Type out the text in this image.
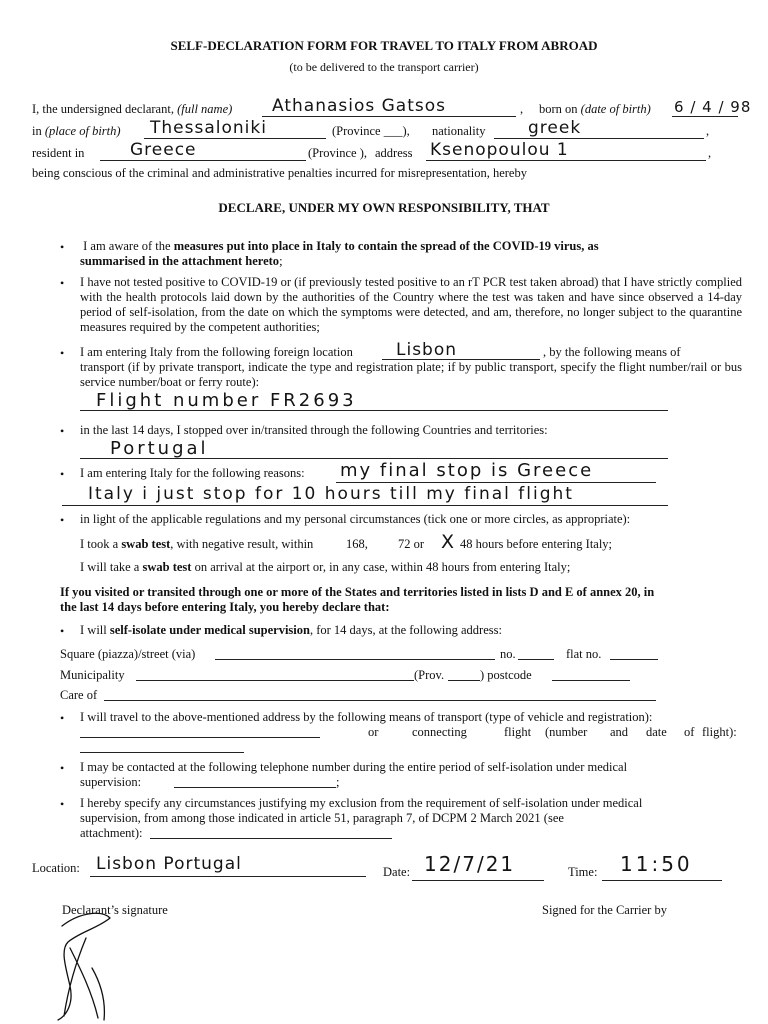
SELF-DECLARATION FORM FOR TRAVEL TO ITALY FROM ABROAD
(to be delivered to the transport carrier)
I, the undersigned declarant, (full name) Athanasios Gatsos	, born on (date of birth) 6 / 4 / 98
in (place of birth) Thessaloniki	(Province ___), nationality	greek	,
resident in	Greece	(Province ), address Ksenopoulou 1	,
being conscious of the criminal and administrative penalties incurred for misrepresentation, hereby
DECLARE, UNDER MY OWN RESPONSIBILITY, THAT
• I am aware of the measures put into place in Italy to contain the spread of the COVID-19 virus, as
summarised in the attachment hereto;
• I have not tested positive to COVID-19 or (if previously tested positive to an rT PCR test taken abroad) that I have strictly complied with the health protocols laid down by the authorities of the Country where the test was taken and have since observed a 14-day period of self-isolation, from the date on which the symptoms were detected, and am, therefore, no longer subject to the quarantine measures required by the competent authorities;
• I am entering Italy from the following foreign location	Lisbon	, by the following means of
transport (if by private transport, indicate the type and registration plate; if by public transport, specify the flight number/rail or bus service number/boat or ferry route):
Flight number FR2693
• in the last 14 days, I stopped over in/transited through the following Countries and territories:
Portugal
• I am entering Italy for the following reasons: my final stop is Greece
Italy i just stop for 10 hours till my final flight
• in light of the applicable regulations and my personal circumstances (tick one or more circles, as appropriate):
I took a swab test, with negative result, within	168, 72 or X 48 hours before entering Italy;
I will take a swab test on arrival at the airport or, in any case, within 48 hours from entering Italy;
If you visited or transited through one or more of the States and territories listed in lists D and E of annex 20, in
the last 14 days before entering Italy, you hereby declare that:
• I will self-isolate under medical supervision, for 14 days, at the following address:
Square (piazza)/street (via)	no.	flat no.
Municipality	(Prov.	) postcode
Care of
• I will travel to the above-mentioned address by the following means of transport (type of vehicle and registration):
or	connecting	flight (number and date of flight):
• I may be contacted at the following telephone number during the entire period of self-isolation under medical
supervision:	;
• I hereby specify any circumstances justifying my exclusion from the requirement of self-isolation under medical
supervision, from among those indicated in article 51, paragraph 7, of DCPM 2 March 2021 (see
attachment):
Location: Lisbon Portugal	Date: 12/7/21	Time: 11:50
Declarant’s signature	Signed for the Carrier by
